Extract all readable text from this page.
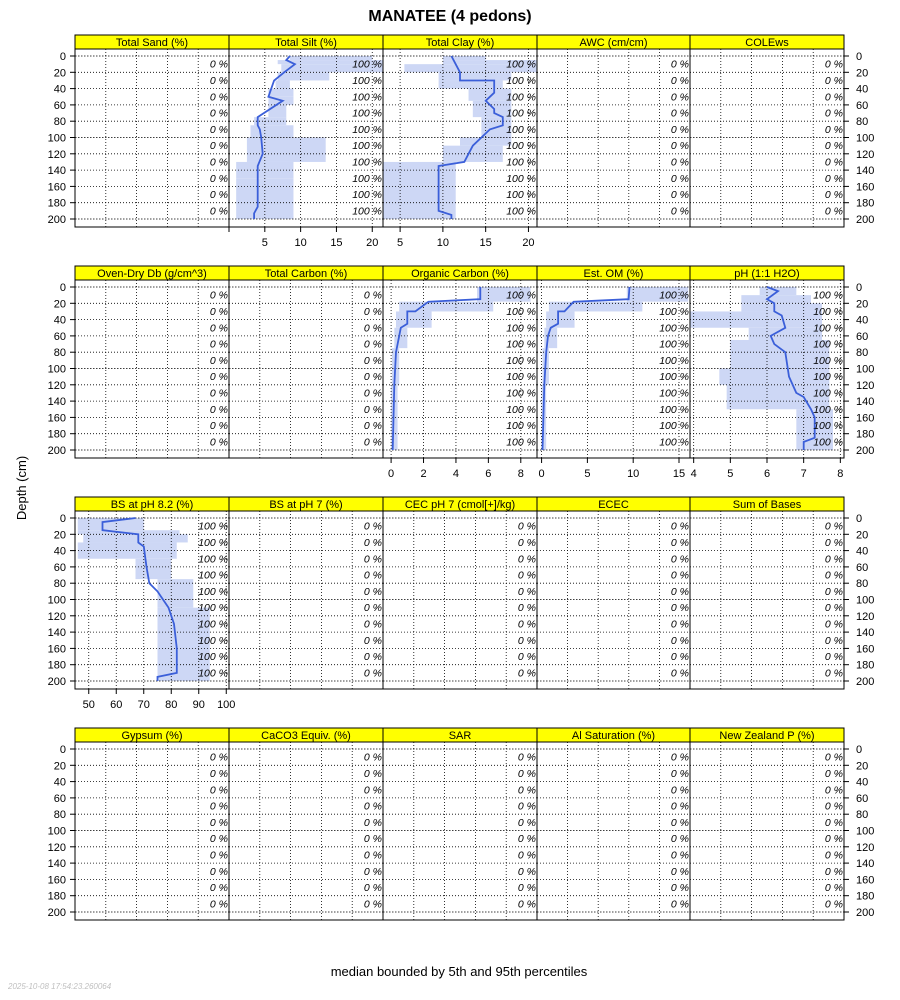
MANATEE (4 pedons)
Depth (cm)
median bounded by 5th and 95th percentiles
2025-10-08 17:54:23.260064
Total Sand (%)
0 %
0 %
0 %
0 %
0 %
0 %
0 %
0 %
0 %
0 %
0
20
40
60
80
100
120
140
160
180
200
Total Silt (%)
100 %
100 %
100 %
100 %
100 %
100 %
100 %
100 %
100 %
100 %
5 10 15 20
Total Clay (%)
100 %
100 %
100 %
100 %
100 %
100 %
100 %
100 %
100 %
100 %
5	10	15	20
AWC (cm/cm)
0 %
0 %
0 %
0 %
0 %
0 %
0 %
0 %
0 %
0 %
COLEws
0 %
0 %
0 %
0 %
0 %
0 %
0 %
0 %
0 %
0 %
0
20
40
60
80
100
120
140
160
180
200
Oven-Dry Db (g/cm^3)
0 %
0 %
0 %
0 %
0 %
0 %
0 %
0 %
0 %
0 %
0
20
40
60
80
100
120
140
160
180
200
Total Carbon (%)
0 %
0 %
0 %
0 %
0 %
0 %
0 %
0 %
0 %
0 %
Organic Carbon (%)
100 %
100 %
100 %
100 %
100 %
100 %
100 %
100 %
100 %
100 %
0 2 4 6 8
Est. OM (%)
100 %
100 %
100 %
100 %
100 %
100 %
100 %
100 %
100 %
100 %
0	5	10	15
pH (1:1 H2O)
100 %
100 %
100 %
100 %
100 %
100 %
100 %
100 %
100 %
100 %
0
20
40
60
80
100
120
140
160
180
200
4	5	6	7	8
BS at pH 8.2 (%)
100 %
100 %
100 %
100 %
100 %
100 %
100 %
100 %
100 %
100 %
0
20
40
60
80
100
120
140
160
180
200
50 60 70 80 90 100
BS at pH 7 (%)
0 %
0 %
0 %
0 %
0 %
0 %
0 %
0 %
0 %
0 %
CEC pH 7 (cmol[+]/kg)
0 %
0 %
0 %
0 %
0 %
0 %
0 %
0 %
0 %
0 %
ECEC
0 %
0 %
0 %
0 %
0 %
0 %
0 %
0 %
0 %
0 %
Sum of Bases
0 %
0 %
0 %
0 %
0 %
0 %
0 %
0 %
0 %
0 %
0
20
40
60
80
100
120
140
160
180
200
Gypsum (%)
0 %
0 %
0 %
0 %
0 %
0 %
0 %
0 %
0 %
0 %
0
20
40
60
80
100
120
140
160
180
200
CaCO3 Equiv. (%)
0 %
0 %
0 %
0 %
0 %
0 %
0 %
0 %
0 %
0 %
SAR
0 %
0 %
0 %
0 %
0 %
0 %
0 %
0 %
0 %
0 %
Al Saturation (%)
0 %
0 %
0 %
0 %
0 %
0 %
0 %
0 %
0 %
0 %
New Zealand P (%)
0 %
0 %
0 %
0 %
0 %
0 %
0 %
0 %
0 %
0 %
0
20
40
60
80
100
120
140
160
180
200
